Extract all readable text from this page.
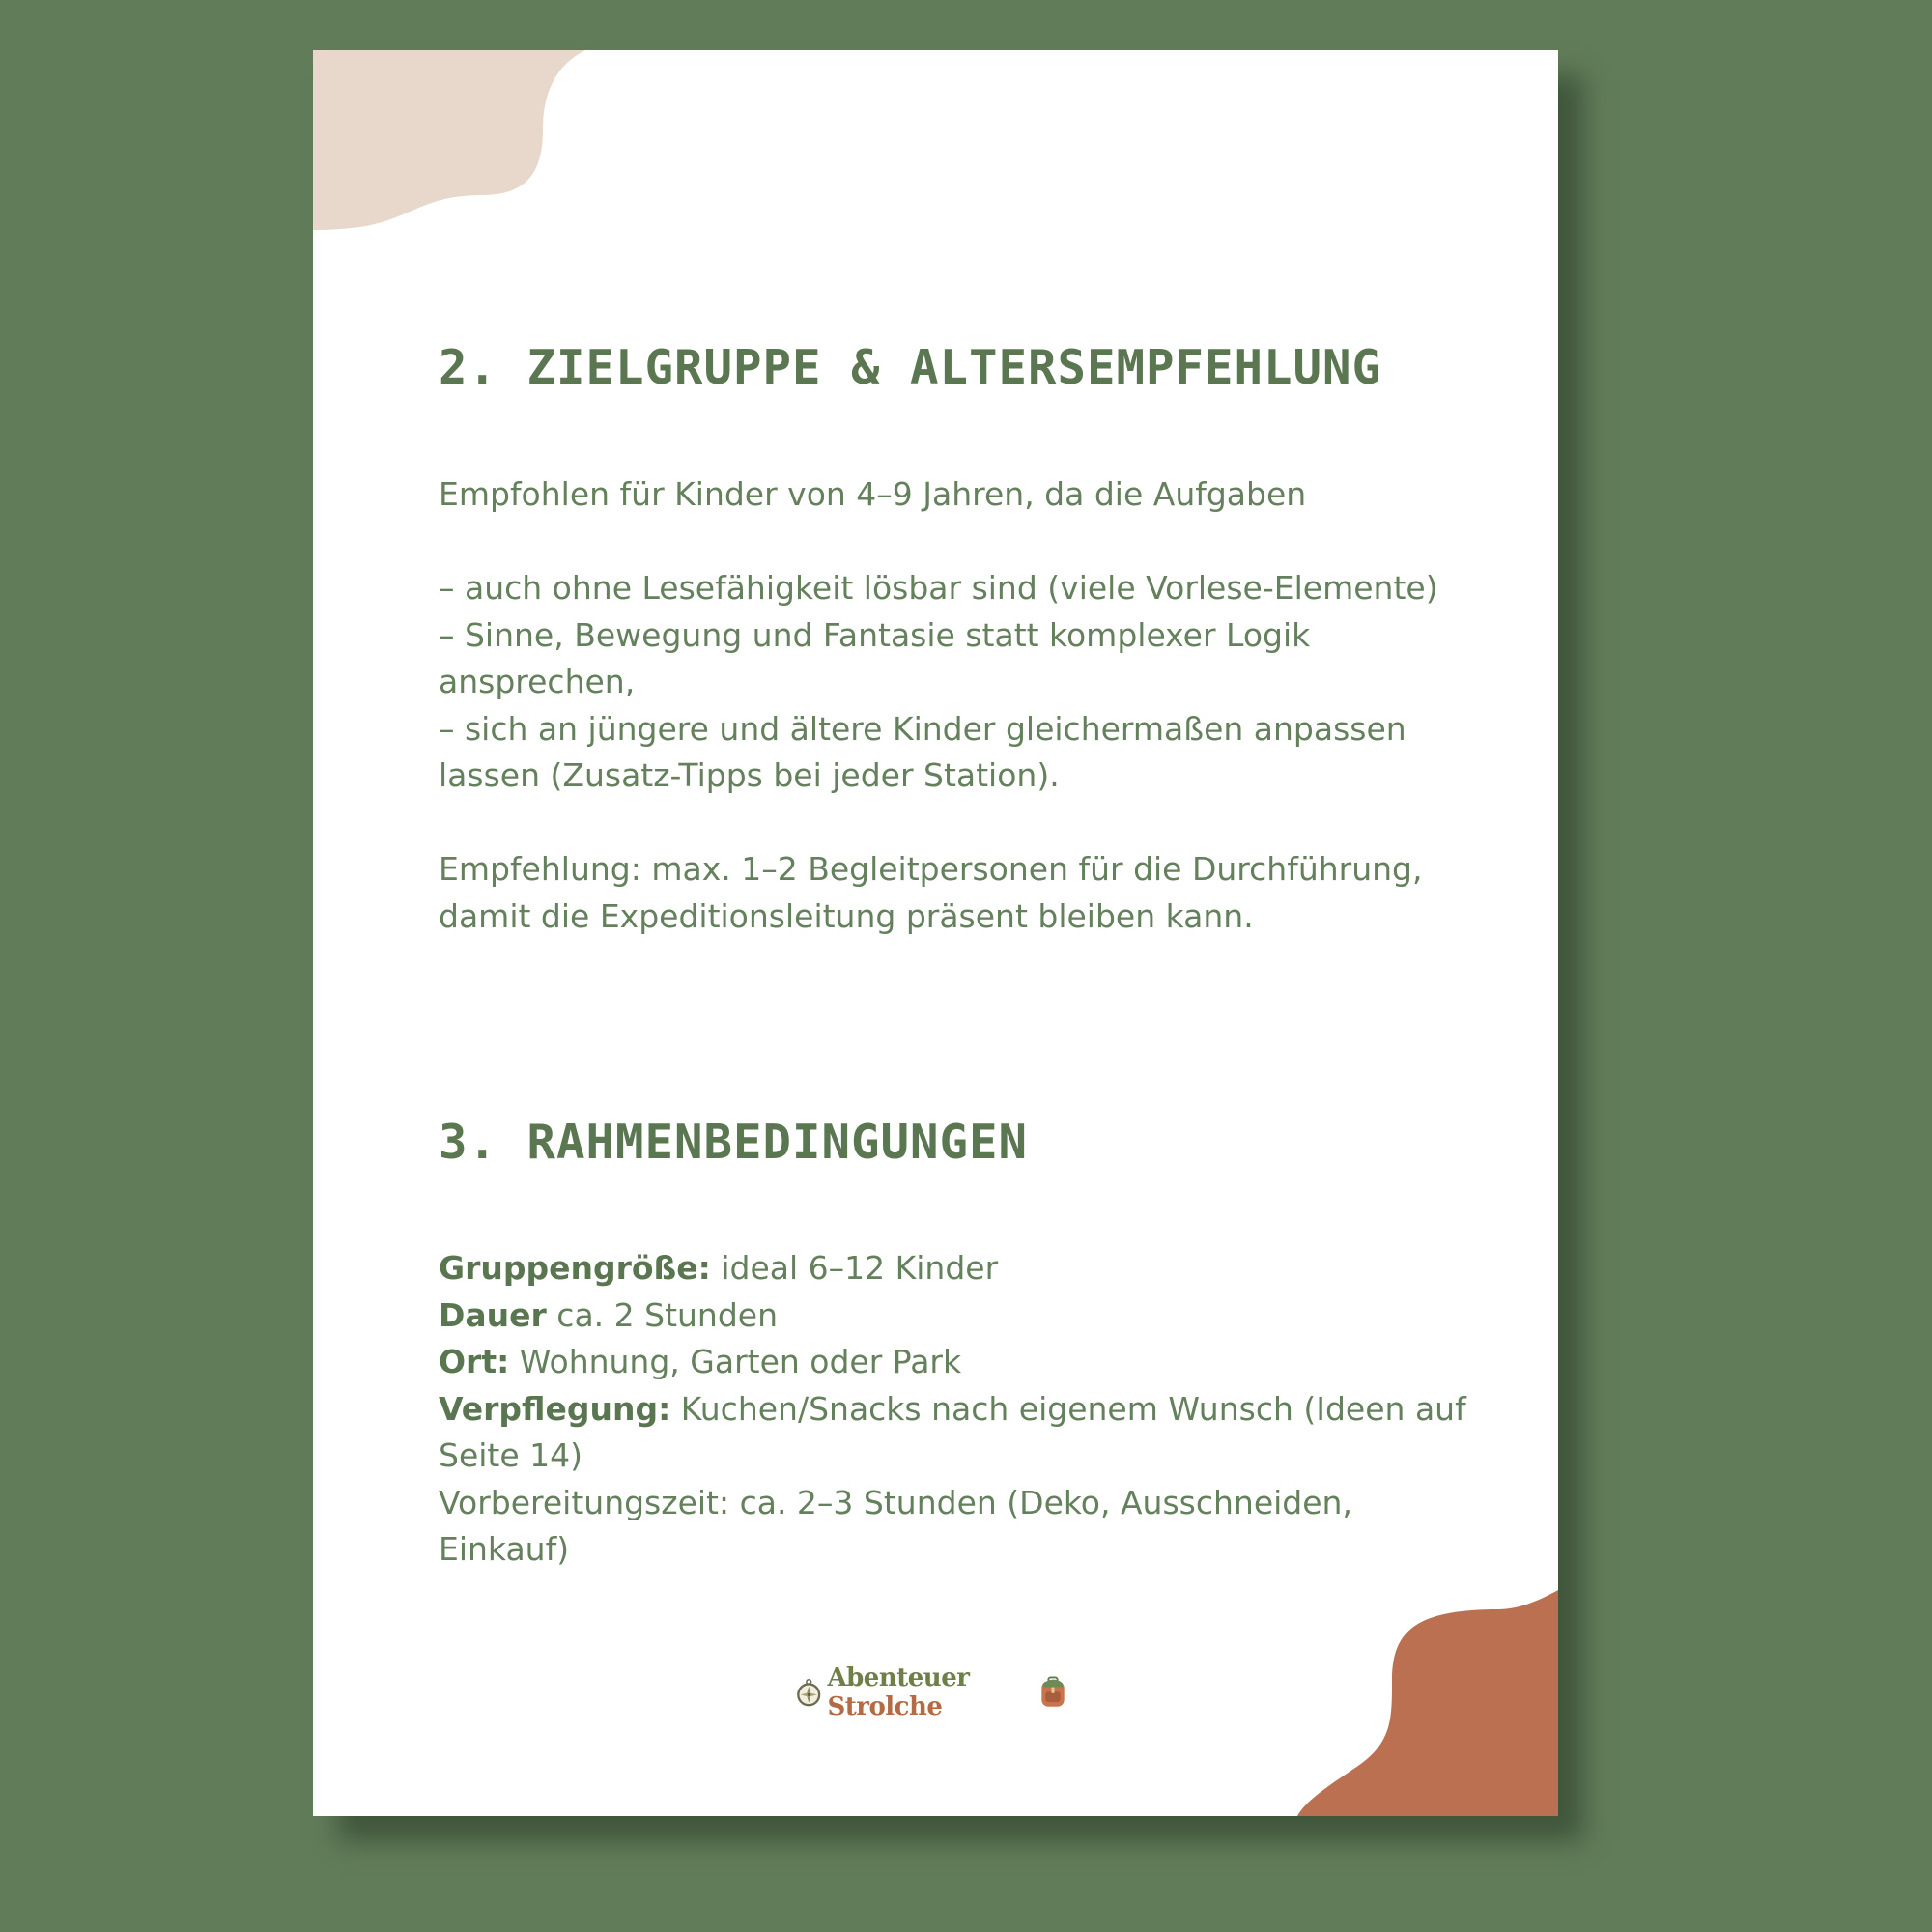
2. ZIELGRUPPE & ALTERSEMPFEHLUNG

Empfohlen für Kinder von 4–9 Jahren, da die Aufgaben

– auch ohne Lesefähigkeit lösbar sind (viele Vorlese-Elemente)

– Sinne, Bewegung und Fantasie statt komplexer Logik

ansprechen,

– sich an jüngere und ältere Kinder gleichermaßen anpassen

lassen (Zusatz-Tipps bei jeder Station).

Empfehlung: max. 1–2 Begleitpersonen für die Durchführung,

damit die Expeditionsleitung präsent bleiben kann.

3. RAHMENBEDINGUNGEN

Gruppengröße: ideal 6–12 Kinder

Dauer ca. 2 Stunden

Ort: Wohnung, Garten oder Park

Verpflegung: Kuchen/Snacks nach eigenem Wunsch (Ideen auf

Seite 14)

Vorbereitungszeit: ca. 2–3 Stunden (Deko, Ausschneiden,

Einkauf)

Abenteuer Strolche
